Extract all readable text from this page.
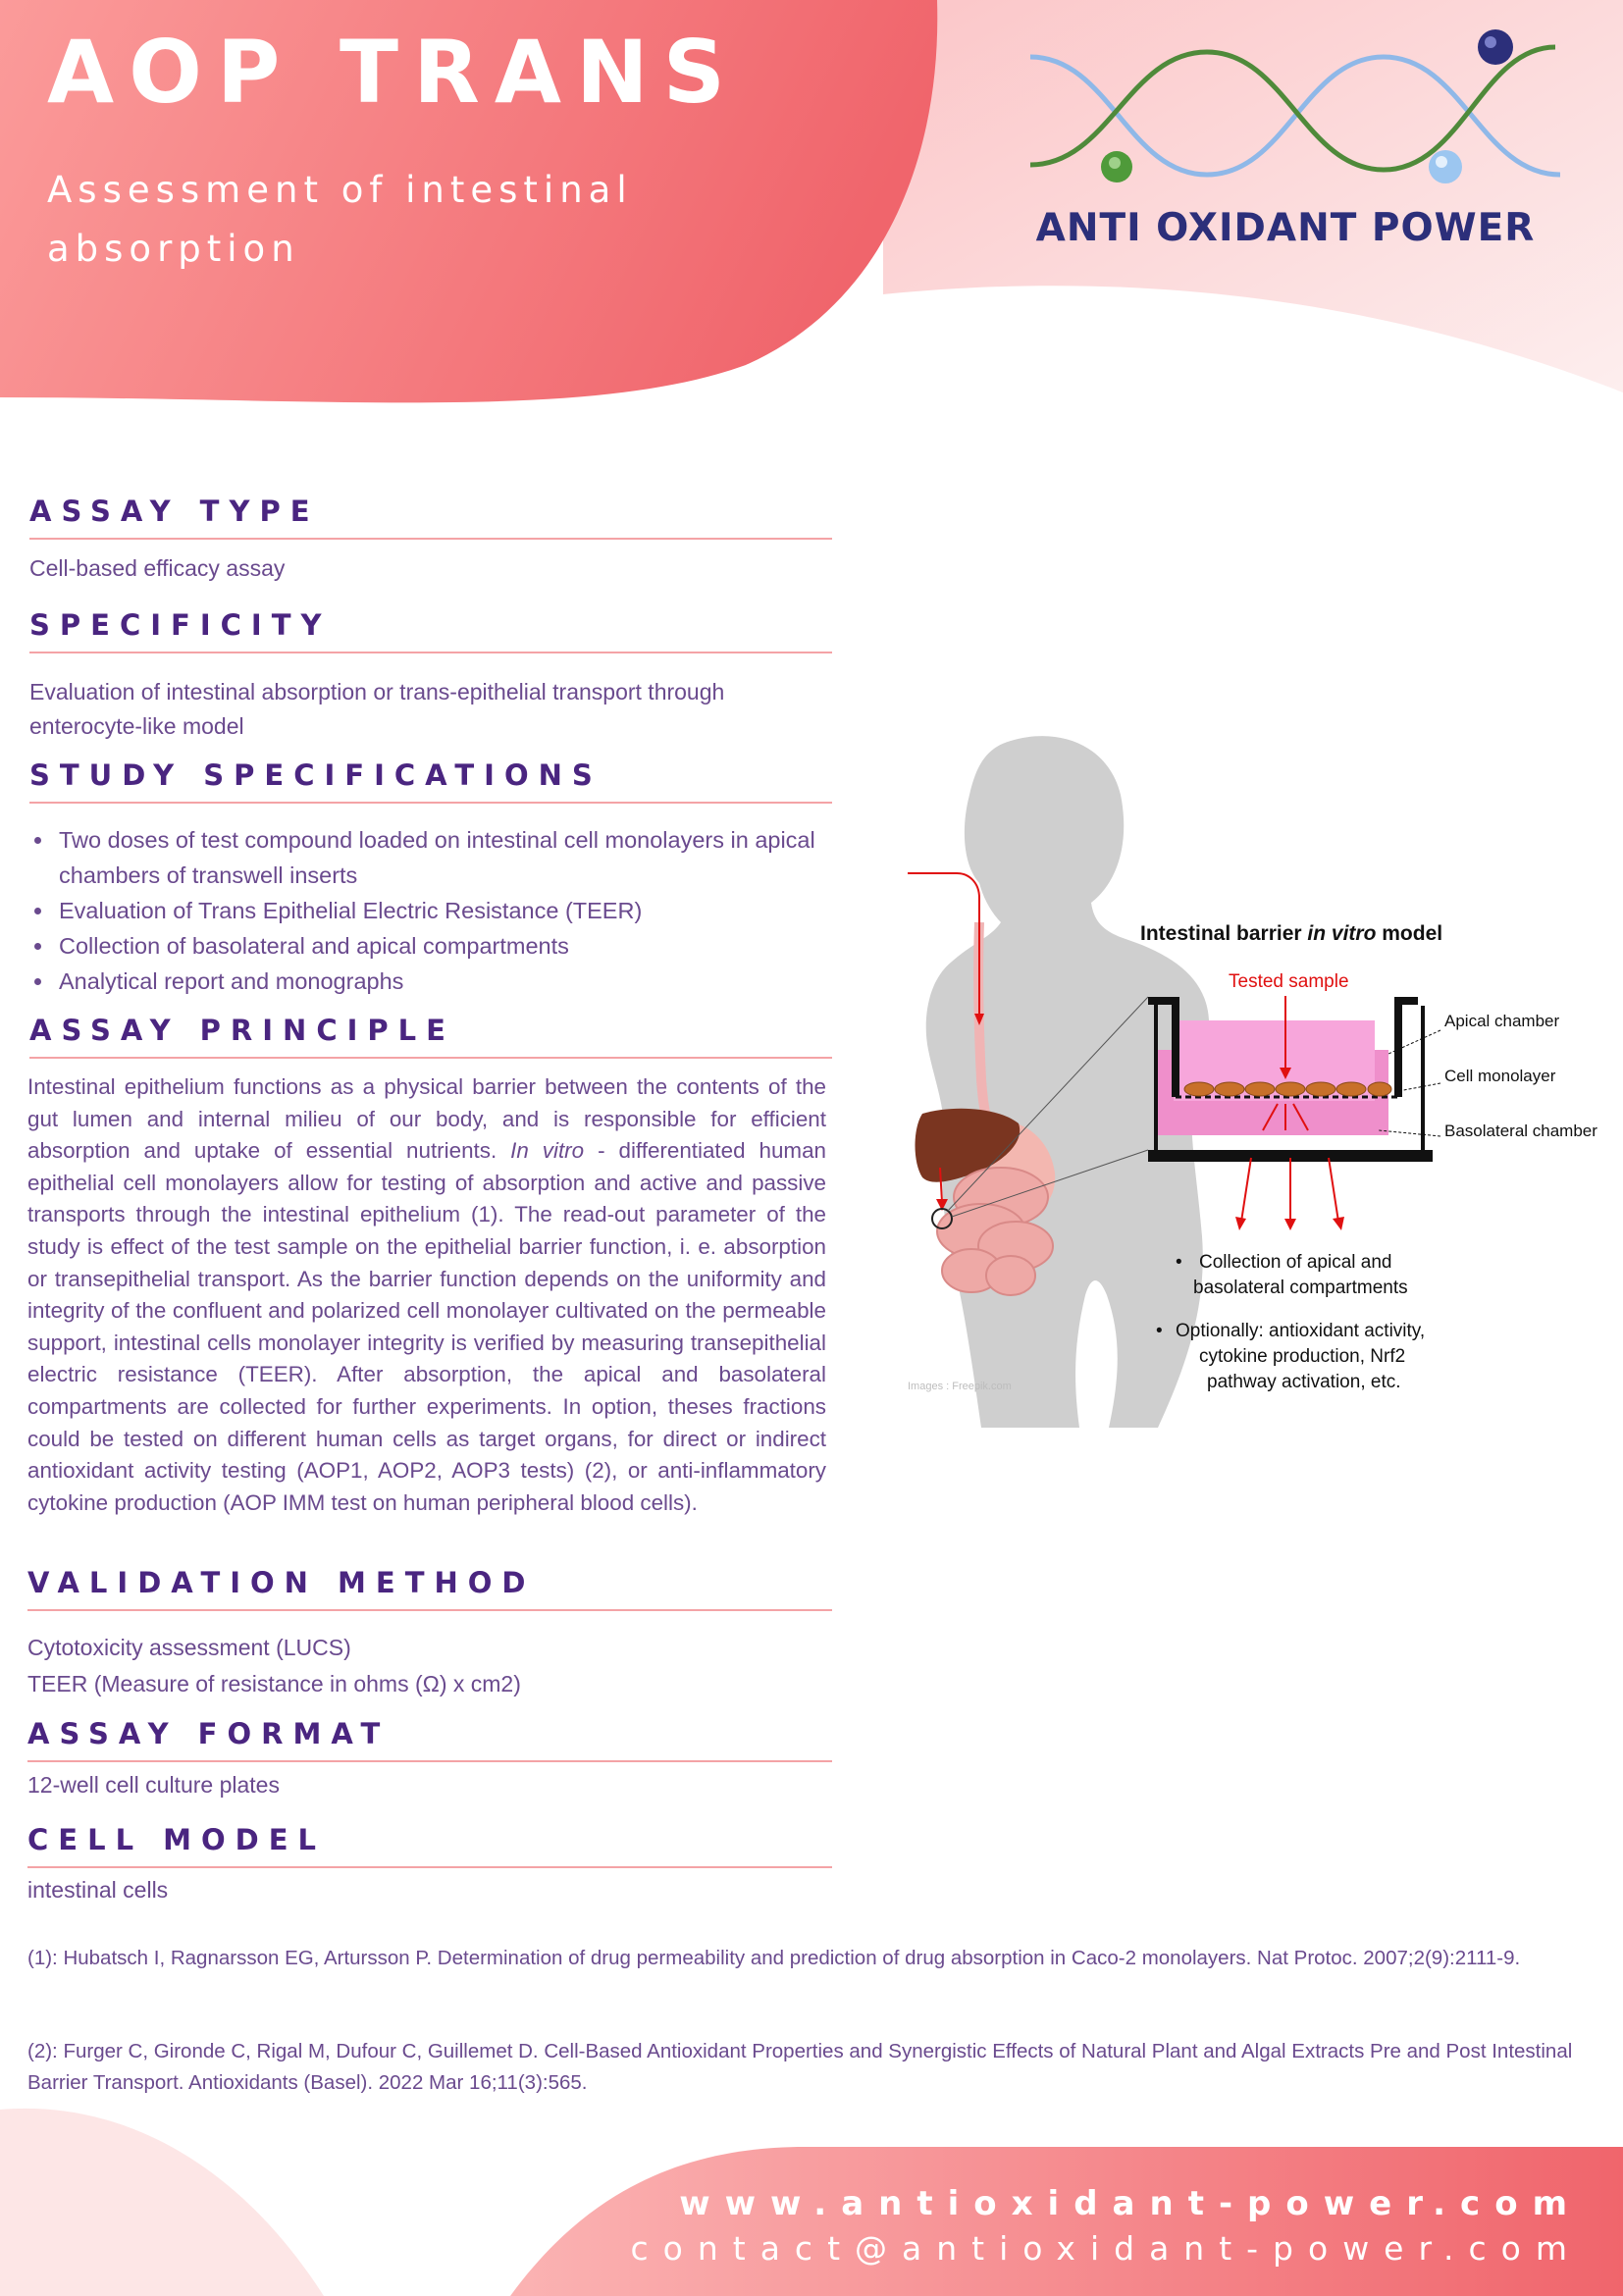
AOP TRANS
Assessment of intestinal absorption	ANTI OXIDANT POWER
ASSAY TYPE
Cell-based efficacy assay
SPECIFICITY
Evaluation of intestinal absorption or trans-epithelial transport through enterocyte-like model
STUDY SPECIFICATIONS
• Two doses of test compound loaded on intestinal cell monolayers in apical chambers of transwell inserts
• Evaluation of Trans Epithelial Electric Resistance (TEER)
• Collection of basolateral and apical compartments
• Analytical report and monographs
ASSAY PRINCIPLE
Intestinal epithelium functions as a physical barrier between the contents of the gut lumen and internal milieu of our body, and is responsible for efficient absorption and uptake of essential nutrients. In vitro - differentiated human epithelial cell monolayers allow for testing of absorption and active and passive transports through the intestinal epithelium (1). The read-out parameter of the study is effect of the test sample on the epithelial barrier function, i. e. absorption or transepithelial transport. As the barrier function depends on the uniformity and integrity of the confluent and polarized cell monolayer cultivated on the permeable support, intestinal cells monolayer integrity is verified by measuring transepithelial electric resistance (TEER). After absorption, the apical and basolateral compartments are collected for further experiments. In option, theses fractions could be tested on different human cells as target organs, for direct or indirect antioxidant activity testing (AOP1, AOP2, AOP3 tests) (2), or anti-inflammatory cytokine production (AOP IMM test on human peripheral blood cells).
VALIDATION METHOD
Cytotoxicity assessment (LUCS)
TEER (Measure of resistance in ohms (Ω) x cm2)
ASSAY FORMAT
12-well cell culture plates
CELL MODEL
intestinal cells
(1): Hubatsch I, Ragnarsson EG, Artursson P. Determination of drug permeability and prediction of drug absorption in Caco-2 monolayers. Nat Protoc. 2007;2(9):2111-9.
(2): Furger C, Gironde C, Rigal M, Dufour C, Guillemet D. Cell-Based Antioxidant Properties and Synergistic Effects of Natural Plant and Algal Extracts Pre and Post Intestinal Barrier Transport. Antioxidants (Basel). 2022 Mar 16;11(3):565.
Images : Freepik.com
Intestinal barrier in vitro model
Tested sample
Apical chamber
Cell monolayer
Basolateral chamber
• Collection of apical and
basolateral compartments
• Optionally: antioxidant activity,
cytokine production, Nrf2
pathway activation, etc.
www.antioxidant-power.com
contact@antioxidant-power.com
